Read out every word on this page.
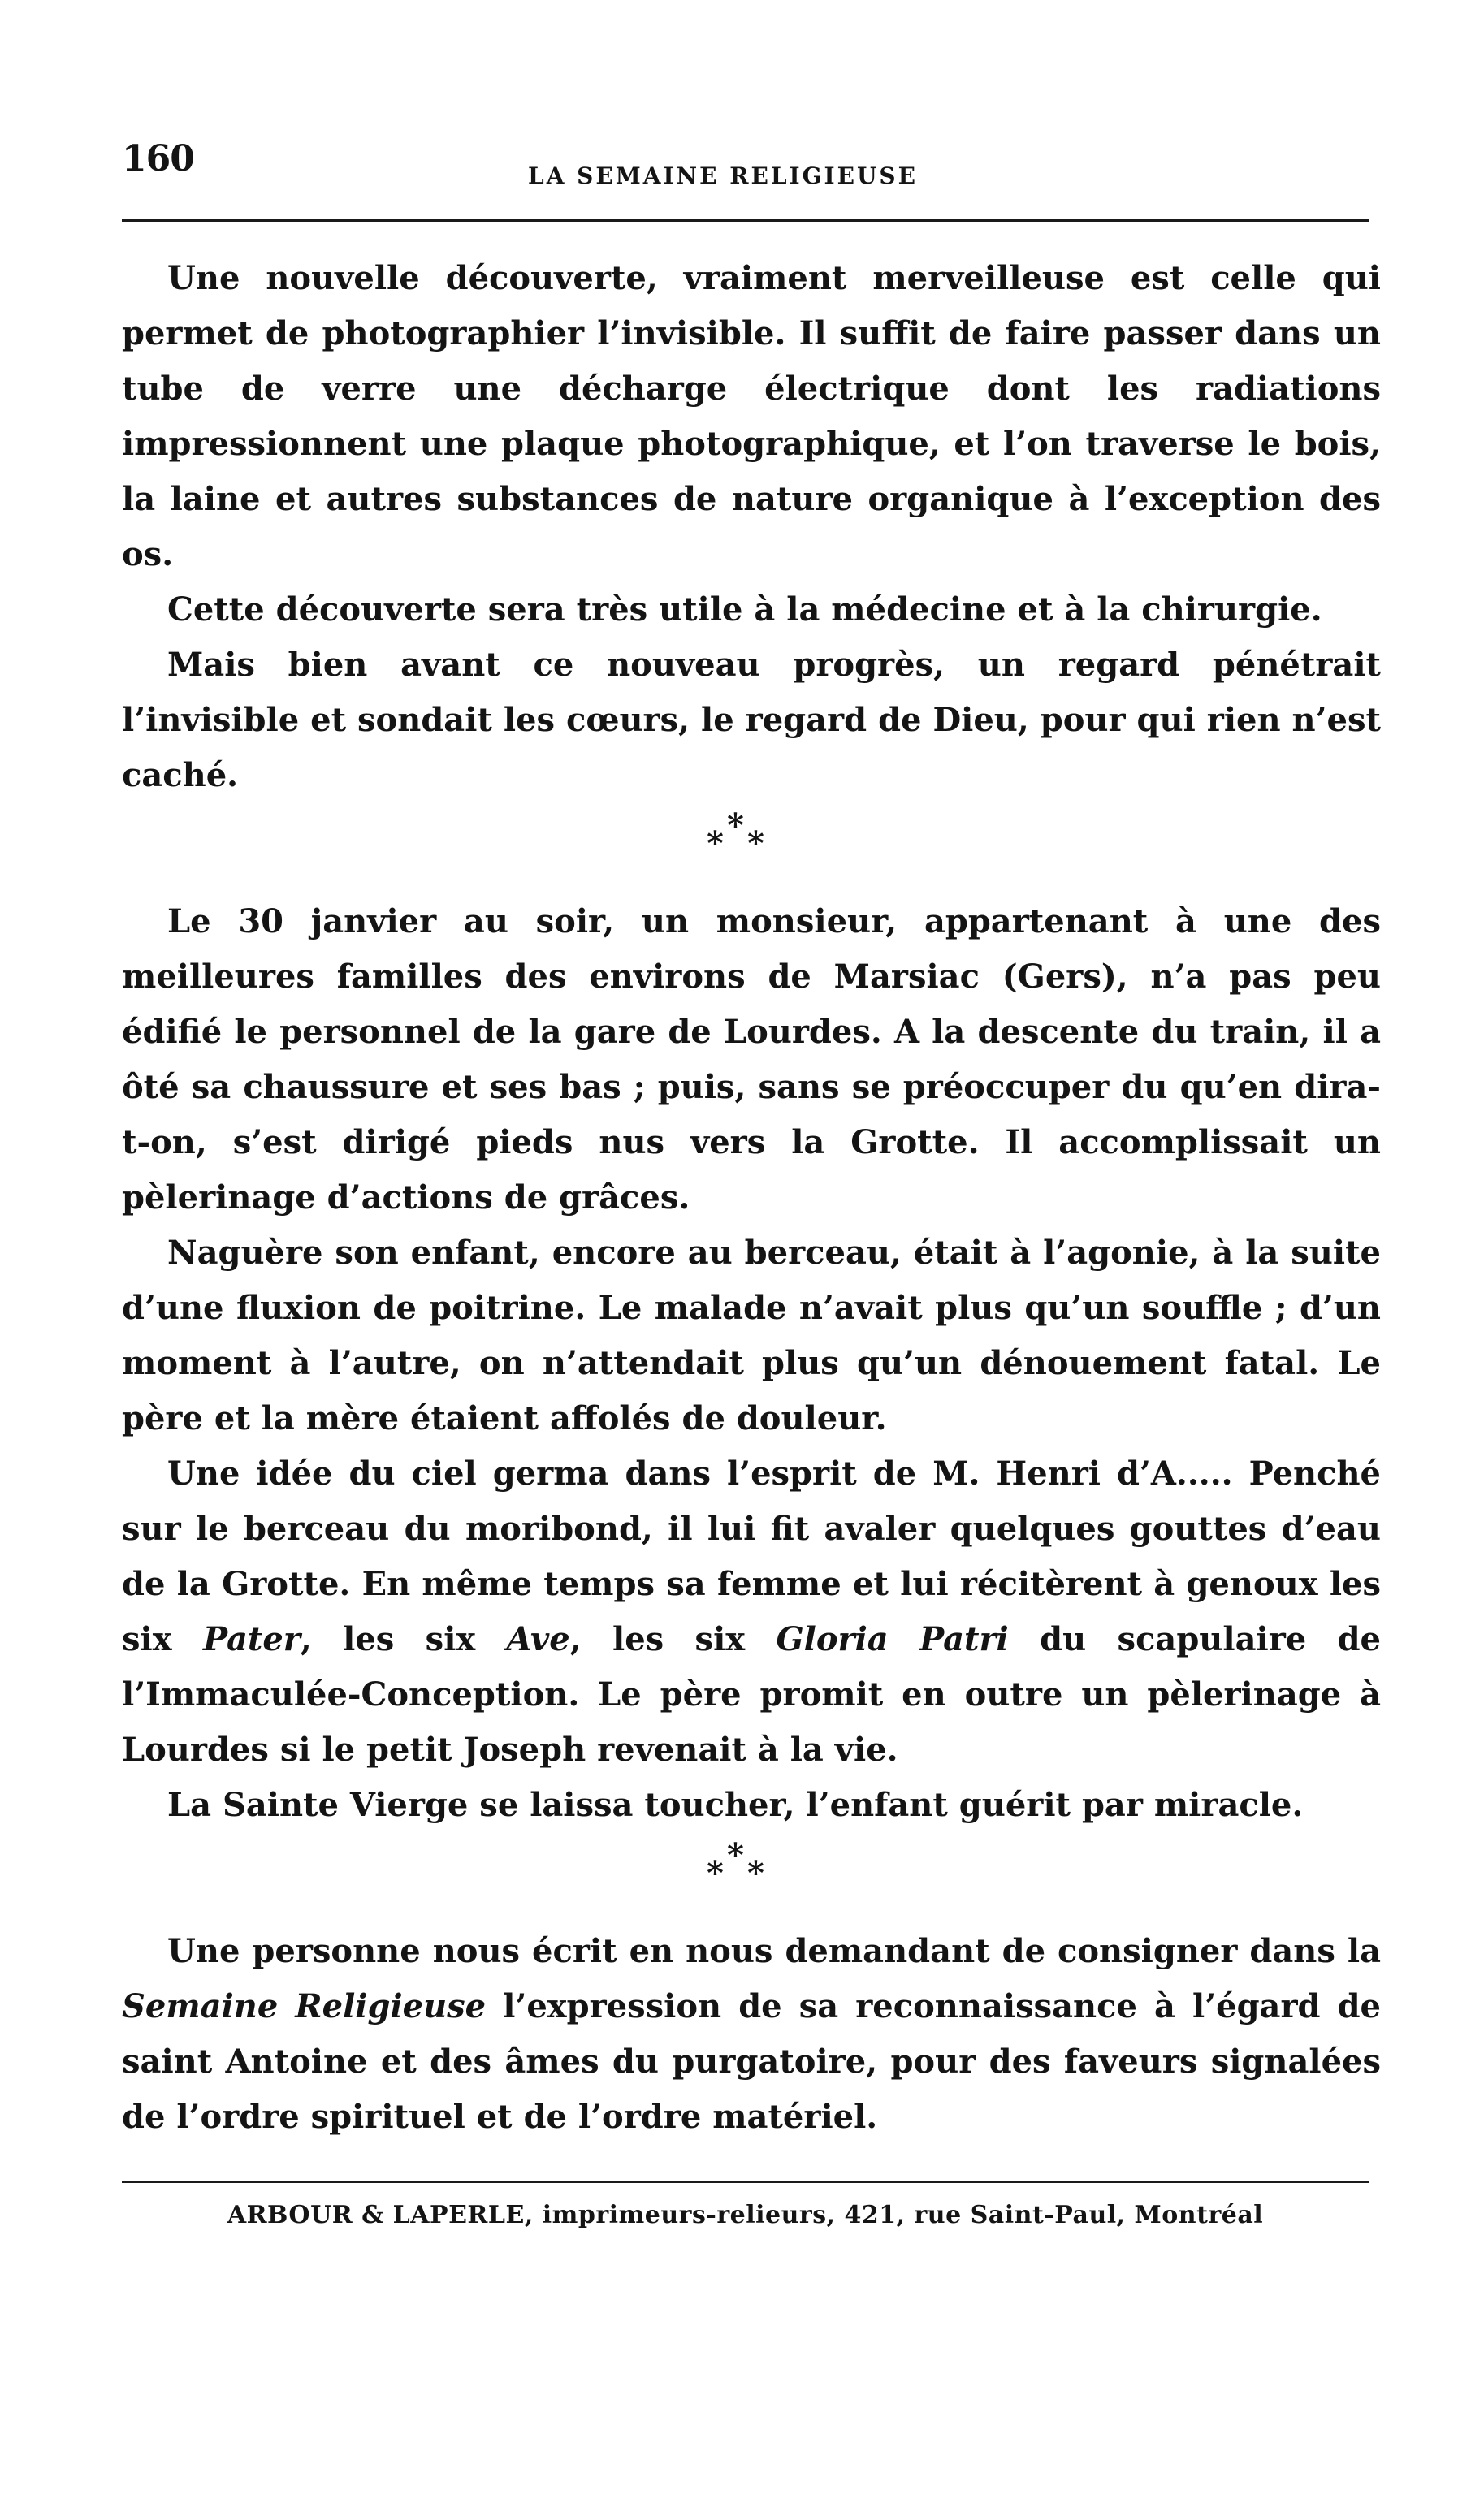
160	LA SEMAINE RELIGIEUSE

Une nouvelle découverte, vraiment merveilleuse est celle qui permet de photographier l’invisible. Il suffit de faire passer dans un tube de verre une décharge électrique dont les radiations impressionnent une plaque photographique, et l’on traverse le bois, la laine et autres substances de nature organique à l’exception des os.

Cette découverte sera très utile à la médecine et à la chirurgie.

Mais bien avant ce nouveau progrès, un regard pénétrait l’invisible et sondait les cœurs, le regard de Dieu, pour qui rien n’est caché.

*
* *

Le 30 janvier au soir, un monsieur, appartenant à une des meilleures familles des environs de Marsiac (Gers), n’a pas peu édifié le personnel de la gare de Lourdes. A la descente du train, il a ôté sa chaussure et ses bas ; puis, sans se préoccuper du qu’en dira-t-on, s’est dirigé pieds nus vers la Grotte. Il accomplissait un pèlerinage d’actions de grâces.

Naguère son enfant, encore au berceau, était à l’agonie, à la suite d’une fluxion de poitrine. Le malade n’avait plus qu’un souffle ; d’un moment à l’autre, on n’attendait plus qu’un dénouement fatal. Le père et la mère étaient affolés de douleur.

Une idée du ciel germa dans l’esprit de M. Henri d’A..... Penché sur le berceau du moribond, il lui fit avaler quelques gouttes d’eau de la Grotte. En même temps sa femme et lui récitèrent à genoux les six Pater, les six Ave, les six Gloria Patri du scapulaire de l’Immaculée-Conception. Le père promit en outre un pèlerinage à Lourdes si le petit Joseph revenait à la vie.

La Sainte Vierge se laissa toucher, l’enfant guérit par miracle.

*
* *

Une personne nous écrit en nous demandant de consigner dans la Semaine Religieuse l’expression de sa reconnaissance à l’égard de saint Antoine et des âmes du purgatoire, pour des faveurs signalées de l’ordre spirituel et de l’ordre matériel.

ARBOUR & LAPERLE, imprimeurs-relieurs, 421, rue Saint-Paul, Montréal
